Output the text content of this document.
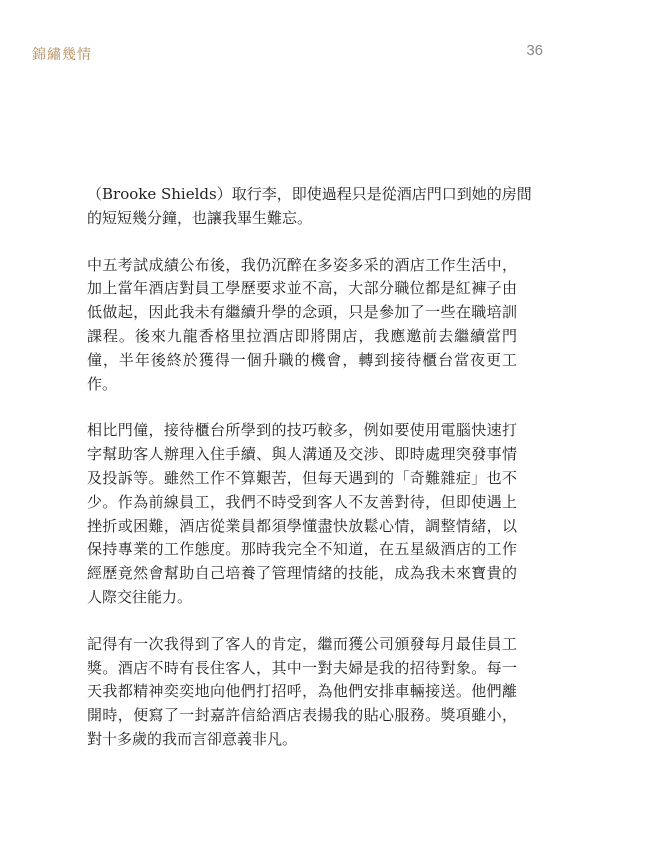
錦繡幾情	36

（Brooke Shields）取行李，即使過程只是從酒店門口到她的房間
的短短幾分鐘，也讓我畢生難忘。

中五考試成績公布後，我仍沉醉在多姿多采的酒店工作生活中，
加上當年酒店對員工學歷要求並不高，大部分職位都是紅褲子由
低做起，因此我未有繼續升學的念頭，只是參加了一些在職培訓
課程。後來九龍香格里拉酒店即將開店，我應邀前去繼續當門
僮，半年後終於獲得一個升職的機會，轉到接待櫃台當夜更工
作。

相比門僮，接待櫃台所學到的技巧較多，例如要使用電腦快速打
字幫助客人辦理入住手續、與人溝通及交涉、即時處理突發事情
及投訴等。雖然工作不算艱苦，但每天遇到的「奇難雜症」也不
少。作為前線員工，我們不時受到客人不友善對待，但即使遇上
挫折或困難，酒店從業員都須學懂盡快放鬆心情，調整情緒，以
保持專業的工作態度。那時我完全不知道，在五星級酒店的工作
經歷竟然會幫助自己培養了管理情緒的技能，成為我未來寶貴的
人際交往能力。

記得有一次我得到了客人的肯定，繼而獲公司頒發每月最佳員工
獎。酒店不時有長住客人，其中一對夫婦是我的招待對象。每一
天我都精神奕奕地向他們打招呼，為他們安排車輛接送。他們離
開時，便寫了一封嘉許信給酒店表揚我的貼心服務。獎項雖小，
對十多歲的我而言卻意義非凡。
